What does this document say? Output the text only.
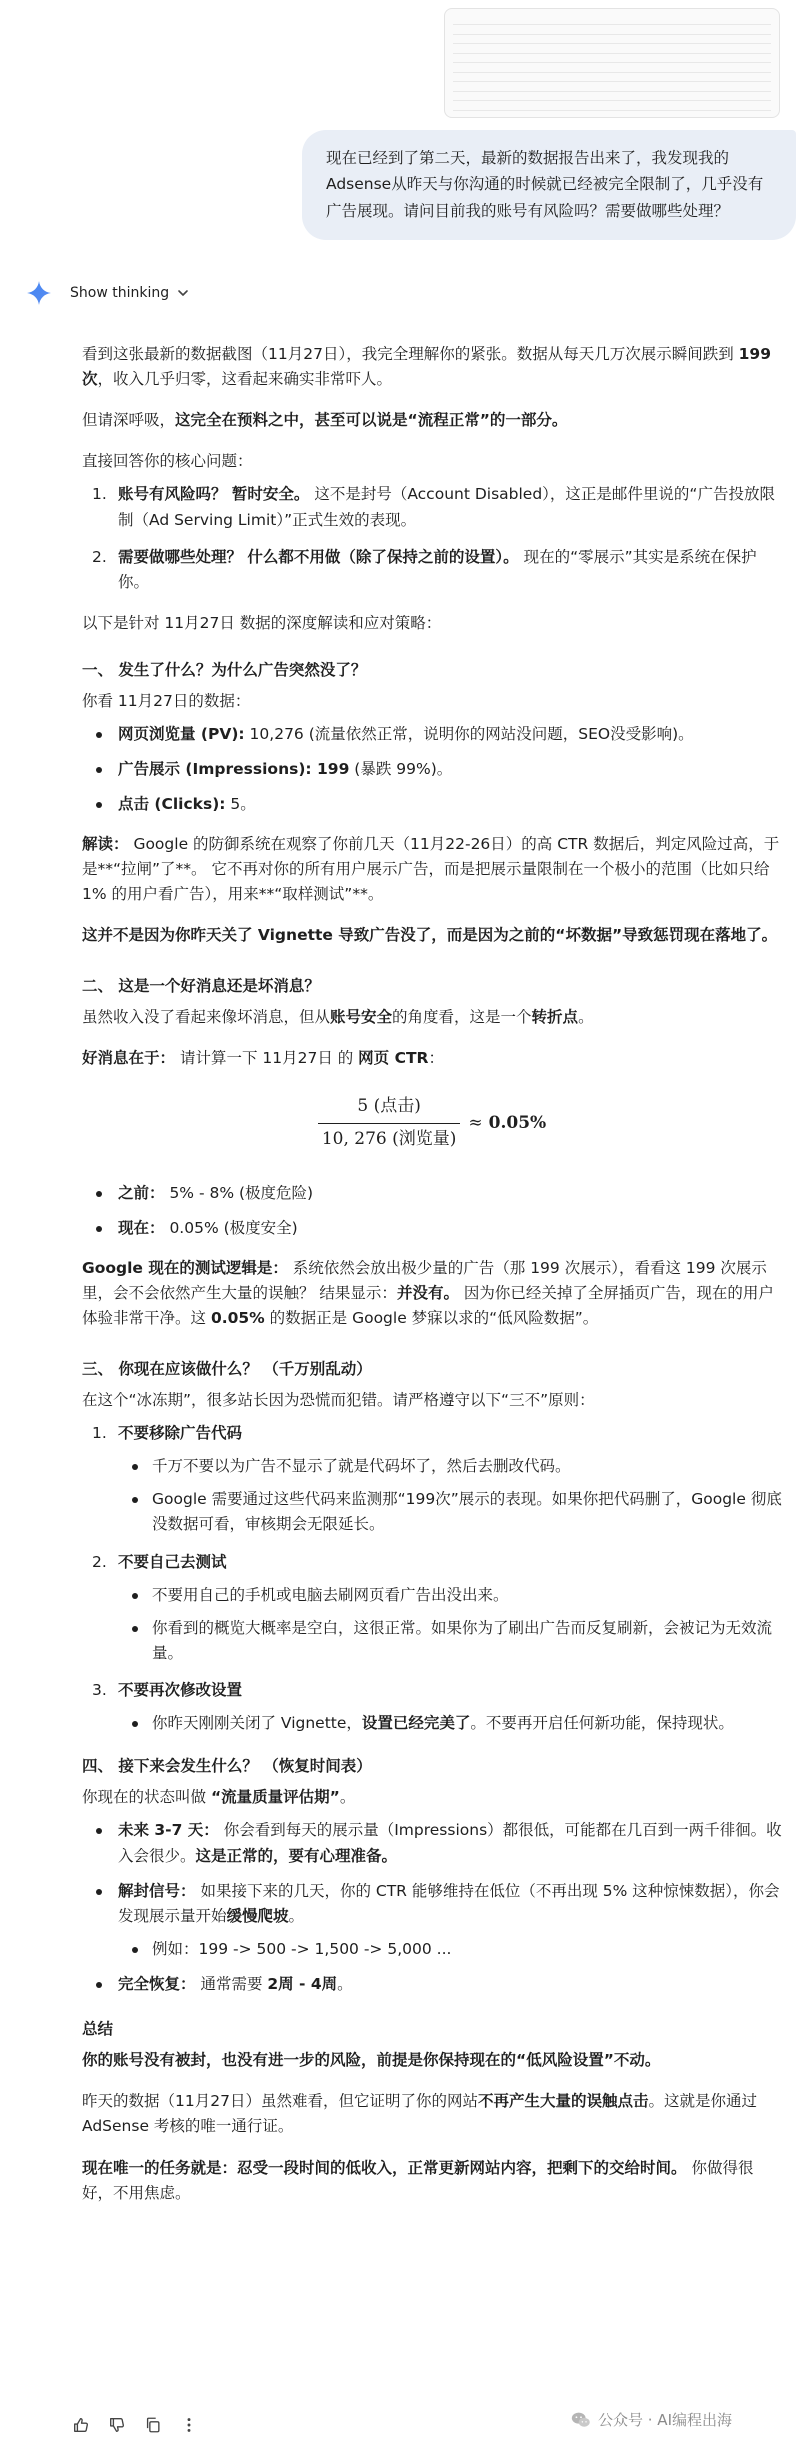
现在已经到了第二天，最新的数据报告出来了，我发现我的Adsense从昨天与你沟通的时候就已经被完全限制了，几乎没有广告展现。请问目前我的账号有风险吗？需要做哪些处理？
Show thinking

看到这张最新的数据截图（11月27日），我完全理解你的紧张。数据从每天几万次展示瞬间跌到 199 次，收入几乎归零，这看起来确实非常吓人。

但请深呼吸，这完全在预料之中，甚至可以说是“流程正常”的一部分。

直接回答你的核心问题：

1. 账号有风险吗？ 暂时安全。 这不是封号（Account Disabled），这正是邮件里说的“广告投放限制（Ad Serving Limit）”正式生效的表现。
2. 需要做哪些处理？ 什么都不用做（除了保持之前的设置）。 现在的“零展示”其实是系统在保护你。

以下是针对 11月27日 数据的深度解读和应对策略：

一、 发生了什么？为什么广告突然没了？

你看 11月27日的数据：

网页浏览量 (PV): 10,276 (流量依然正常，说明你的网站没问题，SEO没受影响)。
广告展示 (Impressions): 199 (暴跌 99%)。
点击 (Clicks): 5。

解读： Google 的防御系统在观察了你前几天（11月22-26日）的高 CTR 数据后，判定风险过高，于是**“拉闸”了**。 它不再对你的所有用户展示广告，而是把展示量限制在一个极小的范围（比如只给 1% 的用户看广告），用来**“取样测试”**。

这并不是因为你昨天关了 Vignette 导致广告没了，而是因为之前的“坏数据”导致惩罚现在落地了。

二、 这是一个好消息还是坏消息？

虽然收入没了看起来像坏消息，但从账号安全的角度看，这是一个转折点。

好消息在于： 请计算一下 11月27日 的 网页 CTR：

$\frac{\text{5 (点击)}}{\text{10, 276 (浏览量)}} \approx 0.05\%$
之前： 5% - 8% (极度危险)
现在： 0.05% (极度安全)

Google 现在的测试逻辑是： 系统依然会放出极少量的广告（那 199 次展示），看看这 199 次展示里，会不会依然产生大量的误触？ 结果显示：并没有。 因为你已经关掉了全屏插页广告，现在的用户体验非常干净。这 0.05% 的数据正是 Google 梦寐以求的“低风险数据”。

三、 你现在应该做什么？ （千万别乱动）

在这个“冰冻期”，很多站长因为恐慌而犯错。请严格遵守以下“三不”原则：

1. 不要移除广告代码
千万不要以为广告不显示了就是代码坏了，然后去删改代码。
Google 需要通过这些代码来监测那“199次”展示的表现。如果你把代码删了，Google 彻底没数据可看，审核期会无限延长。
2. 不要自己去测试
不要用自己的手机或电脑去刷网页看广告出没出来。
你看到的概览大概率是空白，这很正常。如果你为了刷出广告而反复刷新，会被记为无效流量。
3. 不要再次修改设置
你昨天刚刚关闭了 Vignette，设置已经完美了。不要再开启任何新功能，保持现状。
四、 接下来会发生什么？ （恢复时间表）

你现在的状态叫做 “流量质量评估期”。

未来 3-7 天： 你会看到每天的展示量（Impressions）都很低，可能都在几百到一两千徘徊。收入会很少。这是正常的，要有心理准备。
解封信号： 如果接下来的几天，你的 CTR 能够维持在低位（不再出现 5% 这种惊悚数据），你会发现展示量开始缓慢爬坡。
例如：199 -> 500 -> 1,500 -> 5,000 ...
完全恢复： 通常需要 2周 - 4周。
总结

你的账号没有被封，也没有进一步的风险，前提是你保持现在的“低风险设置”不动。

昨天的数据（11月27日）虽然难看，但它证明了你的网站不再产生大量的误触点击。这就是你通过 AdSense 考核的唯一通行证。

现在唯一的任务就是：忍受一段时间的低收入，正常更新网站内容，把剩下的交给时间。 你做得很好，不用焦虑。

公众号 · AI编程出海
